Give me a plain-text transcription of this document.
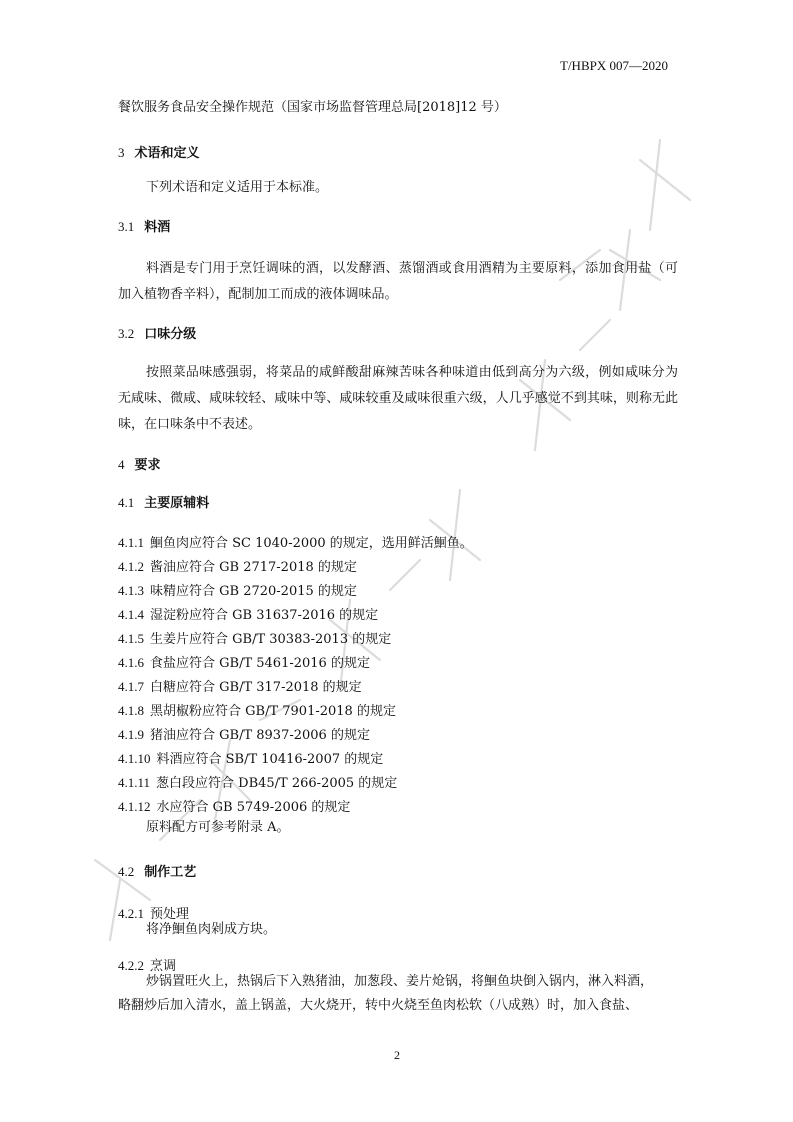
T/HBPX 007—2020
餐饮服务食品安全操作规范（国家市场监督管理总局[2018]12 号）
3 术语和定义
下列术语和定义适用于本标准。
3.1 料酒
料酒是专门用于烹饪调味的酒，以发酵酒、蒸馏酒或食用酒精为主要原料，添加食用盐（可加入植物香辛料），配制加工而成的液体调味品。
3.2 口味分级
按照菜品味感强弱，将菜品的咸鲜酸甜麻辣苦味各种味道由低到高分为六级，例如咸味分为无咸味、微咸、咸味较轻、咸味中等、咸味较重及咸味很重六级，人几乎感觉不到其味，则称无此味，在口味条中不表述。
4 要求
4.1 主要原辅料
4.1.1 鮰鱼肉应符合 SC 1040-2000 的规定，选用鲜活鮰鱼。
4.1.2 酱油应符合 GB 2717-2018 的规定
4.1.3 味精应符合 GB 2720-2015 的规定
4.1.4 湿淀粉应符合 GB 31637-2016 的规定
4.1.5 生姜片应符合 GB/T 30383-2013 的规定
4.1.6 食盐应符合 GB/T 5461-2016 的规定
4.1.7 白糖应符合 GB/T 317-2018 的规定
4.1.8 黑胡椒粉应符合 GB/T 7901-2018 的规定
4.1.9 猪油应符合 GB/T 8937-2006 的规定
4.1.10 料酒应符合 SB/T 10416-2007 的规定
4.1.11 葱白段应符合 DB45/T 266-2005 的规定
4.1.12 水应符合 GB 5749-2006 的规定
原料配方可参考附录 A。
4.2 制作工艺
4.2.1 预处理
将净鮰鱼肉剁成方块。
4.2.2 烹调
炒锅置旺火上，热锅后下入熟猪油，加葱段、姜片炝锅，将鮰鱼块倒入锅内，淋入料酒，
略翻炒后加入清水，盖上锅盖，大火烧开，转中火烧至鱼肉松软（八成熟）时，加入食盐、
2
